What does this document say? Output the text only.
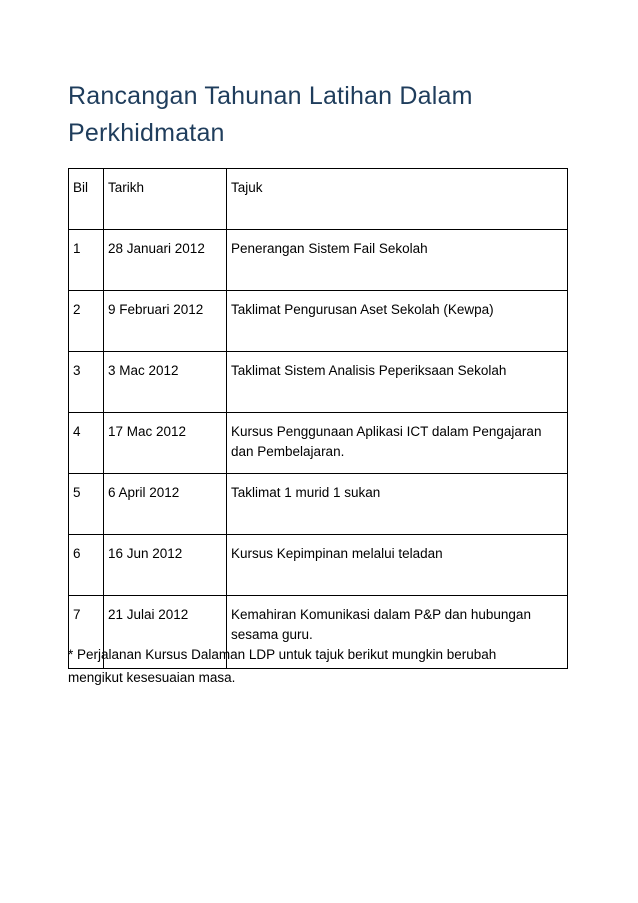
Rancangan Tahunan Latihan Dalam Perkhidmatan
Bil	Tarikh	Tajuk
1	28 Januari 2012	Penerangan Sistem Fail Sekolah
2	9 Februari 2012	Taklimat Pengurusan Aset Sekolah (Kewpa)
3	3 Mac 2012	Taklimat Sistem Analisis Peperiksaan Sekolah
4	17 Mac 2012	Kursus Penggunaan Aplikasi ICT dalam Pengajaran dan Pembelajaran.
5	6 April 2012	Taklimat 1 murid 1 sukan
6	16 Jun 2012	Kursus Kepimpinan melalui teladan
7	21 Julai 2012	Kemahiran Komunikasi dalam P&P dan hubungan sesama guru.

* Perjalanan Kursus Dalaman LDP untuk tajuk berikut mungkin berubah mengikut kesesuaian masa.
